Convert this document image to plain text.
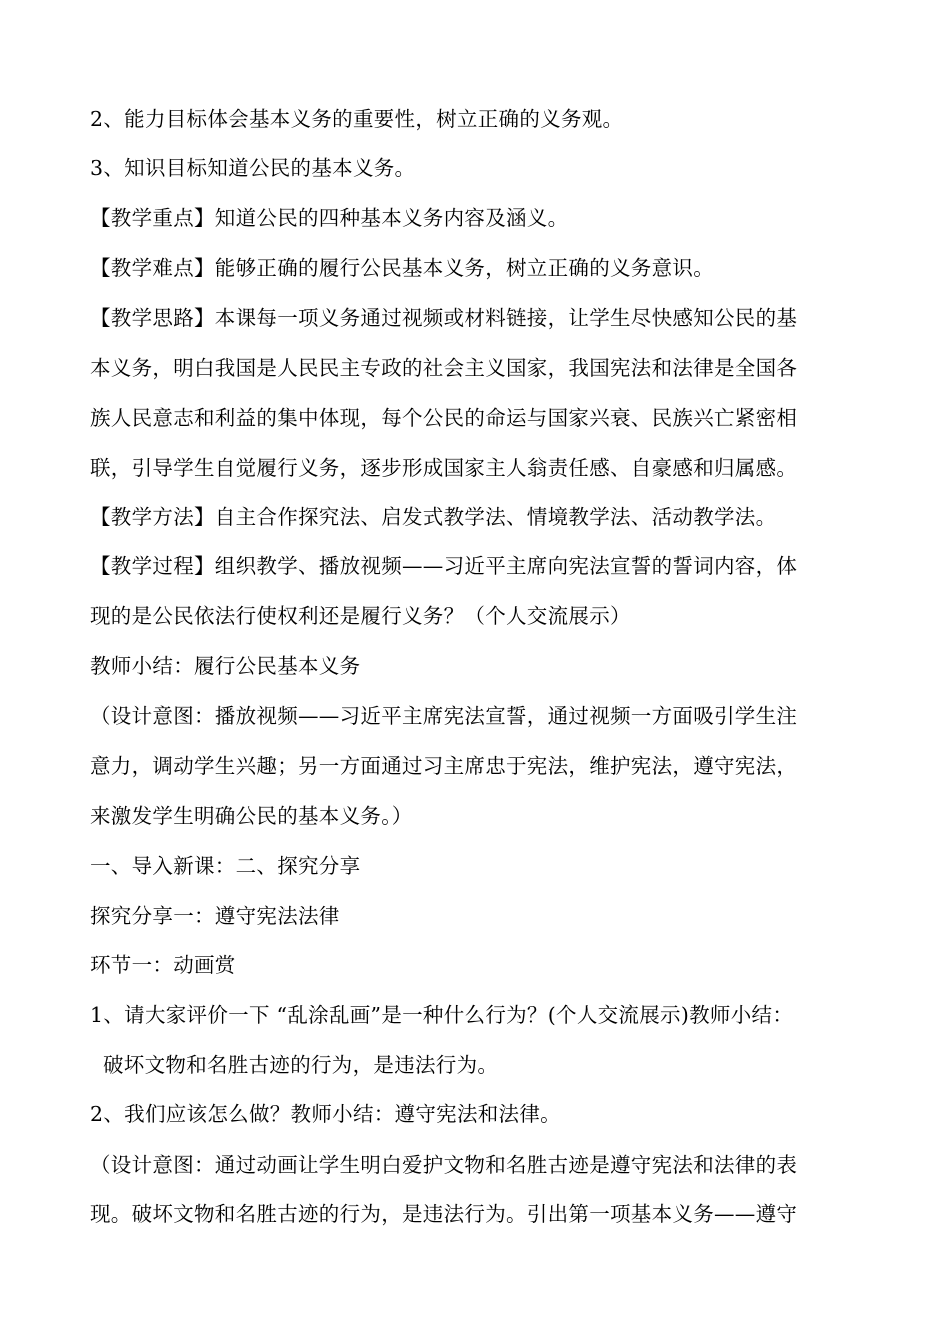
2、能力目标体会基本义务的重要性，树立正确的义务观。
3、知识目标知道公民的基本义务。
【教学重点】知道公民的四种基本义务内容及涵义。
【教学难点】能够正确的履行公民基本义务，树立正确的义务意识。
【教学思路】本课每一项义务通过视频或材料链接，让学生尽快感知公民的基
本义务，明白我国是人民民主专政的社会主义国家，我国宪法和法律是全国各
族人民意志和利益的集中体现，每个公民的命运与国家兴衰、民族兴亡紧密相
联，引导学生自觉履行义务，逐步形成国家主人翁责任感、自豪感和归属感。
【教学方法】自主合作探究法、启发式教学法、情境教学法、活动教学法。
【教学过程】组织教学、播放视频——习近平主席向宪法宣誓的誓词内容，体
现的是公民依法行使权利还是履行义务？（个人交流展示）
教师小结：履行公民基本义务
（设计意图：播放视频——习近平主席宪法宣誓，通过视频一方面吸引学生注
意力，调动学生兴趣；另一方面通过习主席忠于宪法，维护宪法，遵守宪法，
来激发学生明确公民的基本义务。）
一、导入新课：二、探究分享
探究分享一：遵守宪法法律
环节一：动画赏
1、请大家评价一下 “乱涂乱画”是一种什么行为？(个人交流展示)教师小结：
破坏文物和名胜古迹的行为，是违法行为。
2、我们应该怎么做？教师小结：遵守宪法和法律。
（设计意图：通过动画让学生明白爱护文物和名胜古迹是遵守宪法和法律的表
现。破坏文物和名胜古迹的行为，是违法行为。引出第一项基本义务——遵守
